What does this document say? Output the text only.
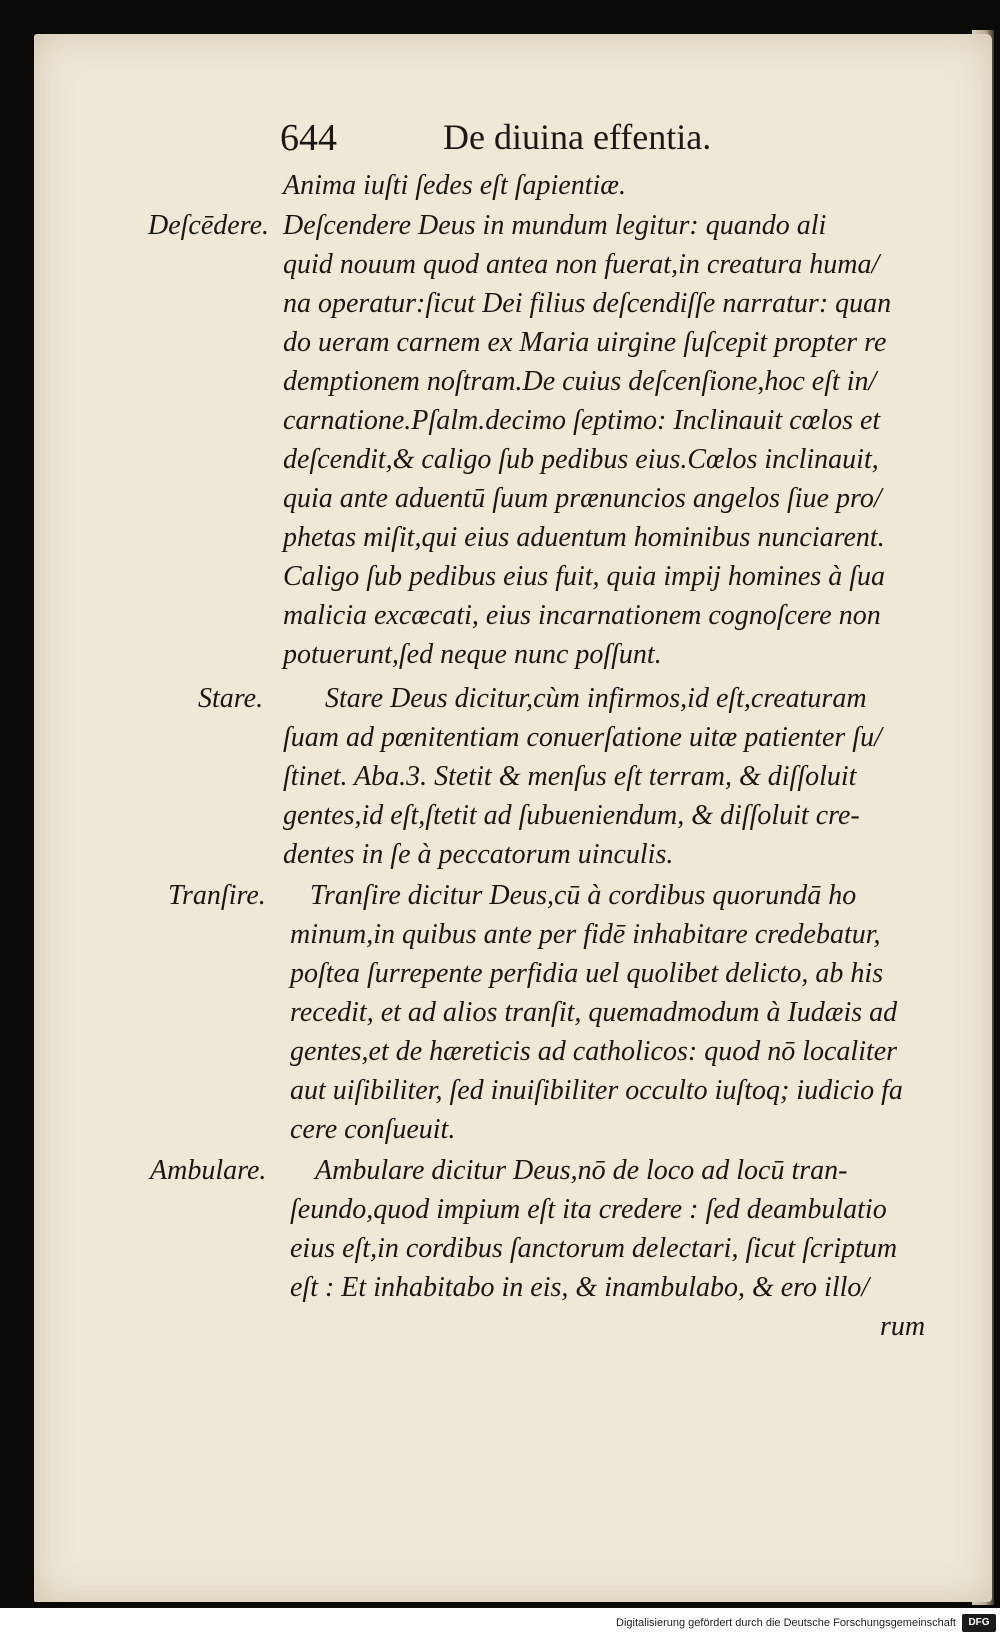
644	De diuina effentia.
Deſcēdere.
Stare.
Tranſire.
Ambulare.
Anima iuſti ſedes eſt ſapientiæ.
Deſcendere Deus in mundum legitur: quando ali
quid nouum quod antea non fuerat,in creatura huma/
na operatur:ſicut Dei filius deſcendiſſe narratur: quan
do ueram carnem ex Maria uirgine ſuſcepit propter re
demptionem noſtram.De cuius deſcenſione,hoc eſt in/
carnatione.Pſalm.decimo ſeptimo: Inclinauit cœlos et
deſcendit,& caligo ſub pedibus eius.Cœlos inclinauit,
quia ante aduentū ſuum prænuncios angelos ſiue pro/
phetas miſit,qui eius aduentum hominibus nunciarent.
Caligo ſub pedibus eius fuit, quia impij homines à ſua
malicia excæcati, eius incarnationem cognoſcere non
potuerunt,ſed neque nunc poſſunt.
Stare Deus dicitur,cùm infirmos,id eſt,creaturam
ſuam ad pœnitentiam conuerſatione uitæ patienter ſu/
ſtinet. Aba.3. Stetit & menſus eſt terram, & diſſoluit
gentes,id eſt,ſtetit ad ſubueniendum, & diſſoluit cre-
dentes in ſe à peccatorum uinculis.
Tranſire dicitur Deus,cū à cordibus quorundā ho
minum,in quibus ante per fidē inhabitare credebatur,
poſtea ſurrepente perfidia uel quolibet delicto, ab his
recedit, et ad alios tranſit, quemadmodum à Iudæis ad
gentes,et de hæreticis ad catholicos: quod nō localiter
aut uiſibiliter, ſed inuiſibiliter occulto iuſtoq; iudicio fa
cere conſueuit.
Ambulare dicitur Deus,nō de loco ad locū tran-
ſeundo,quod impium eſt ita credere : ſed deambulatio
eius eſt,in cordibus ſanctorum delectari, ſicut ſcriptum
eſt : Et inhabitabo in eis, & inambulabo, & ero illo/
rum
Digitalisierung gefördert durch die Deutsche Forschungsgemeinschaft	DFG
